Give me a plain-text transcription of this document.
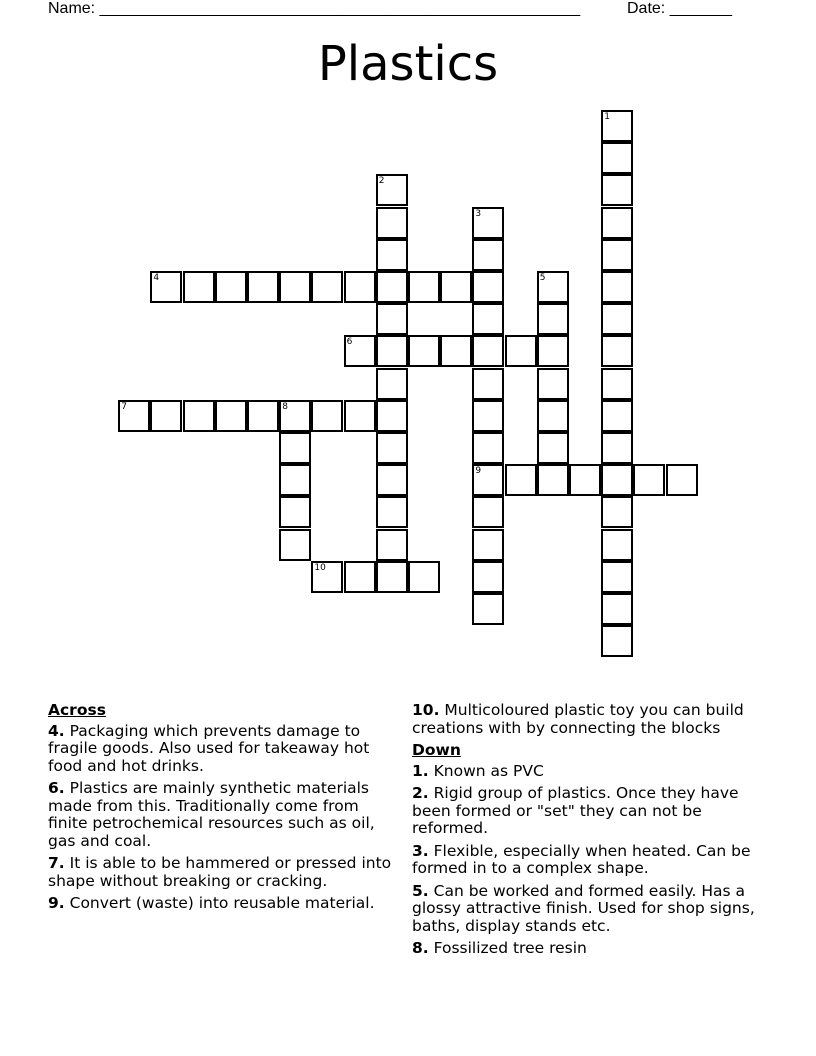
Name: ______________________________________________________	Date: _______
Plastics
1
2
3
9
4	5
6
7	8
10
Across
4. Packaging which prevents damage to fragile goods. Also used for takeaway hot food and hot drinks.
6. Plastics are mainly synthetic materials made from this. Traditionally come from finite petrochemical resources such as oil, gas and coal.
7. It is able to be hammered or pressed into shape without breaking or cracking.
9. Convert (waste) into reusable material.
10. Multicoloured plastic toy you can build creations with by connecting the blocks
Down
1. Known as PVC
2. Rigid group of plastics. Once they have been formed or "set" they can not be reformed.
3. Flexible, especially when heated. Can be formed in to a complex shape.
5. Can be worked and formed easily. Has a glossy attractive finish. Used for shop signs, baths, display stands etc.
8. Fossilized tree resin
